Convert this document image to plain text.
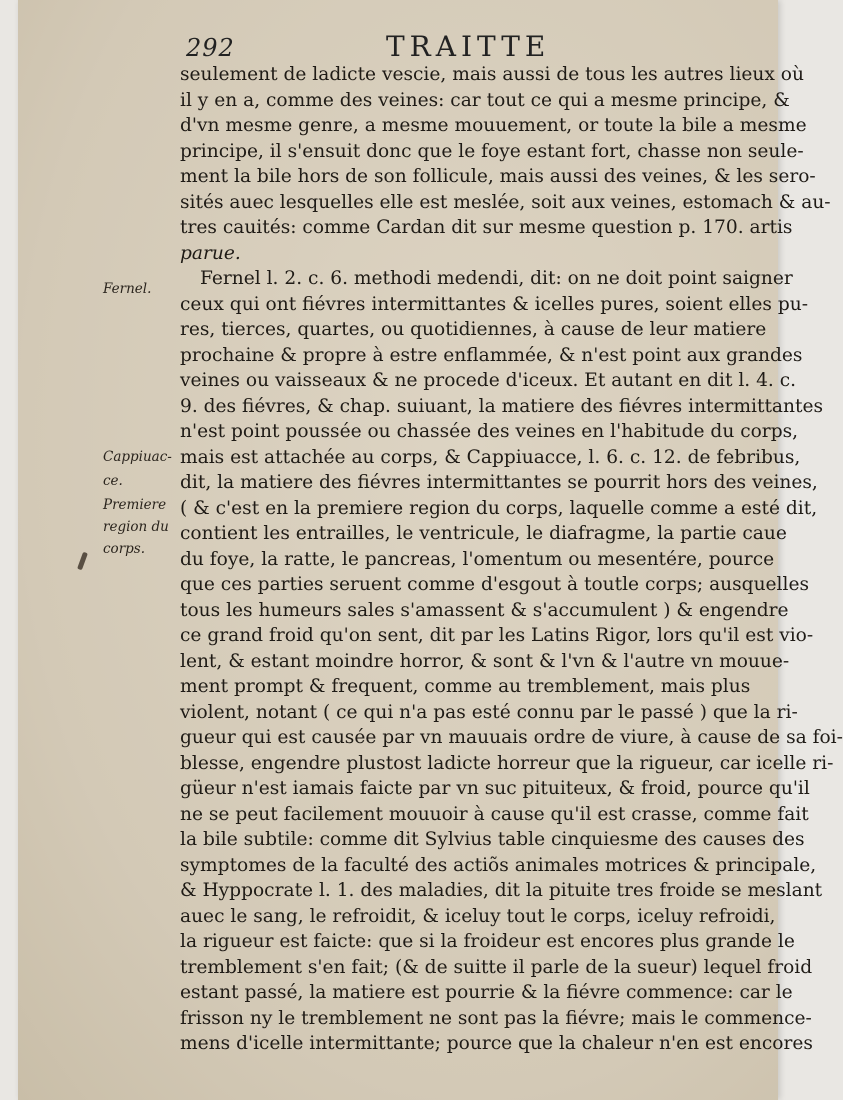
292	TRAITTE
Fernel.
Cappiuac-
ce.
Premiere
region du
corps.
seulement de ladicte vescie, mais aussi de tous les autres lieux où
il y en a, comme des veines: car tout ce qui a mesme principe, &
d'vn mesme genre, a mesme mouuement, or toute la bile a mesme
principe, il s'ensuit donc que le foye estant fort, chasse non seule-
ment la bile hors de son follicule, mais aussi des veines, & les sero-
sités auec lesquelles elle est meslée, soit aux veines, estomach & au-
tres cauités: comme Cardan dit sur mesme question p. 170. artis
parue.
Fernel l. 2. c. 6. methodi medendi, dit: on ne doit point saigner
ceux qui ont fiévres intermittantes & icelles pures, soient elles pu-
res, tierces, quartes, ou quotidiennes, à cause de leur matiere
prochaine & propre à estre enflammée, & n'est point aux grandes
veines ou vaisseaux & ne procede d'iceux. Et autant en dit l. 4. c.
9. des fiévres, & chap. suiuant, la matiere des fiévres intermittantes
n'est point poussée ou chassée des veines en l'habitude du corps,
mais est attachée au corps, & Cappiuacce, l. 6. c. 12. de febribus,
dit, la matiere des fiévres intermittantes se pourrit hors des veines,
( & c'est en la premiere region du corps, laquelle comme a esté dit,
contient les entrailles, le ventricule, le diafragme, la partie caue
du foye, la ratte, le pancreas, l'omentum ou mesentére, pource
que ces parties seruent comme d'esgout à toutle corps; ausquelles
tous les humeurs sales s'amassent & s'accumulent ) & engendre
ce grand froid qu'on sent, dit par les Latins Rigor, lors qu'il est vio-
lent, & estant moindre horror, & sont & l'vn & l'autre vn mouue-
ment prompt & frequent, comme au tremblement, mais plus
violent, notant ( ce qui n'a pas esté connu par le passé ) que la ri-
gueur qui est causée par vn mauuais ordre de viure, à cause de sa foi-
blesse, engendre plustost ladicte horreur que la rigueur, car icelle ri-
güeur n'est iamais faicte par vn suc pituiteux, & froid, pource qu'il
ne se peut facilement mouuoir à cause qu'il est crasse, comme fait
la bile subtile: comme dit Sylvius table cinquiesme des causes des
symptomes de la faculté des actiõs animales motrices & principale,
& Hyppocrate l. 1. des maladies, dit la pituite tres froide se meslant
auec le sang, le refroidit, & iceluy tout le corps, iceluy refroidi,
la rigueur est faicte: que si la froideur est encores plus grande le
tremblement s'en fait; (& de suitte il parle de la sueur) lequel froid
estant passé, la matiere est pourrie & la fiévre commence: car le
frisson ny le tremblement ne sont pas la fiévre; mais le commence-
mens d'icelle intermittante; pource que la chaleur n'en est encores
